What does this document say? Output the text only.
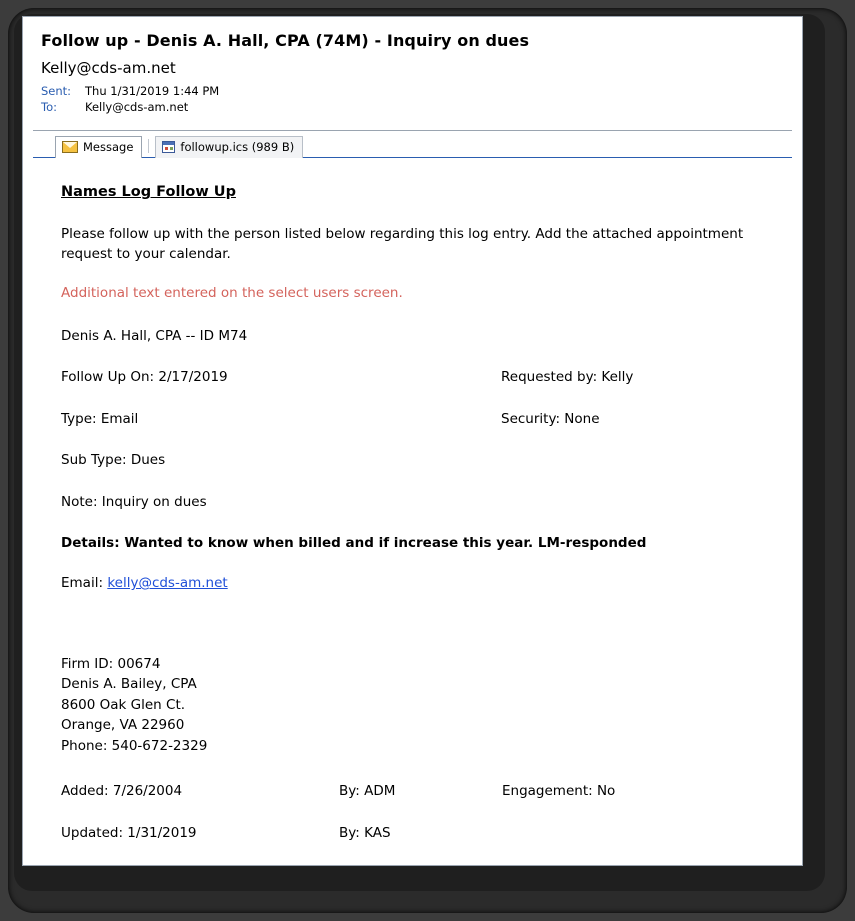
Follow up - Denis A. Hall, CPA (74M) - Inquiry on dues
Kelly@cds-am.net
Sent: Thu 1/31/2019 1:44 PM
To: Kelly@cds-am.net
Message	followup.ics (989 B)
Names Log Follow Up
Please follow up with the person listed below regarding this log entry. Add the attached appointment request to your calendar.
Additional text entered on the select users screen.
Denis A. Hall, CPA -- ID M74
Follow Up On: 2/17/2019	Requested by: Kelly
Type: Email	Security: None
Sub Type: Dues
Note: Inquiry on dues
Details: Wanted to know when billed and if increase this year. LM-responded
Email: kelly@cds-am.net
Firm ID: 00674
Denis A. Bailey, CPA
8600 Oak Glen Ct.
Orange, VA 22960
Phone: 540-672-2329
Added: 7/26/2004	By: ADM	Engagement: No
Updated: 1/31/2019	By: KAS
